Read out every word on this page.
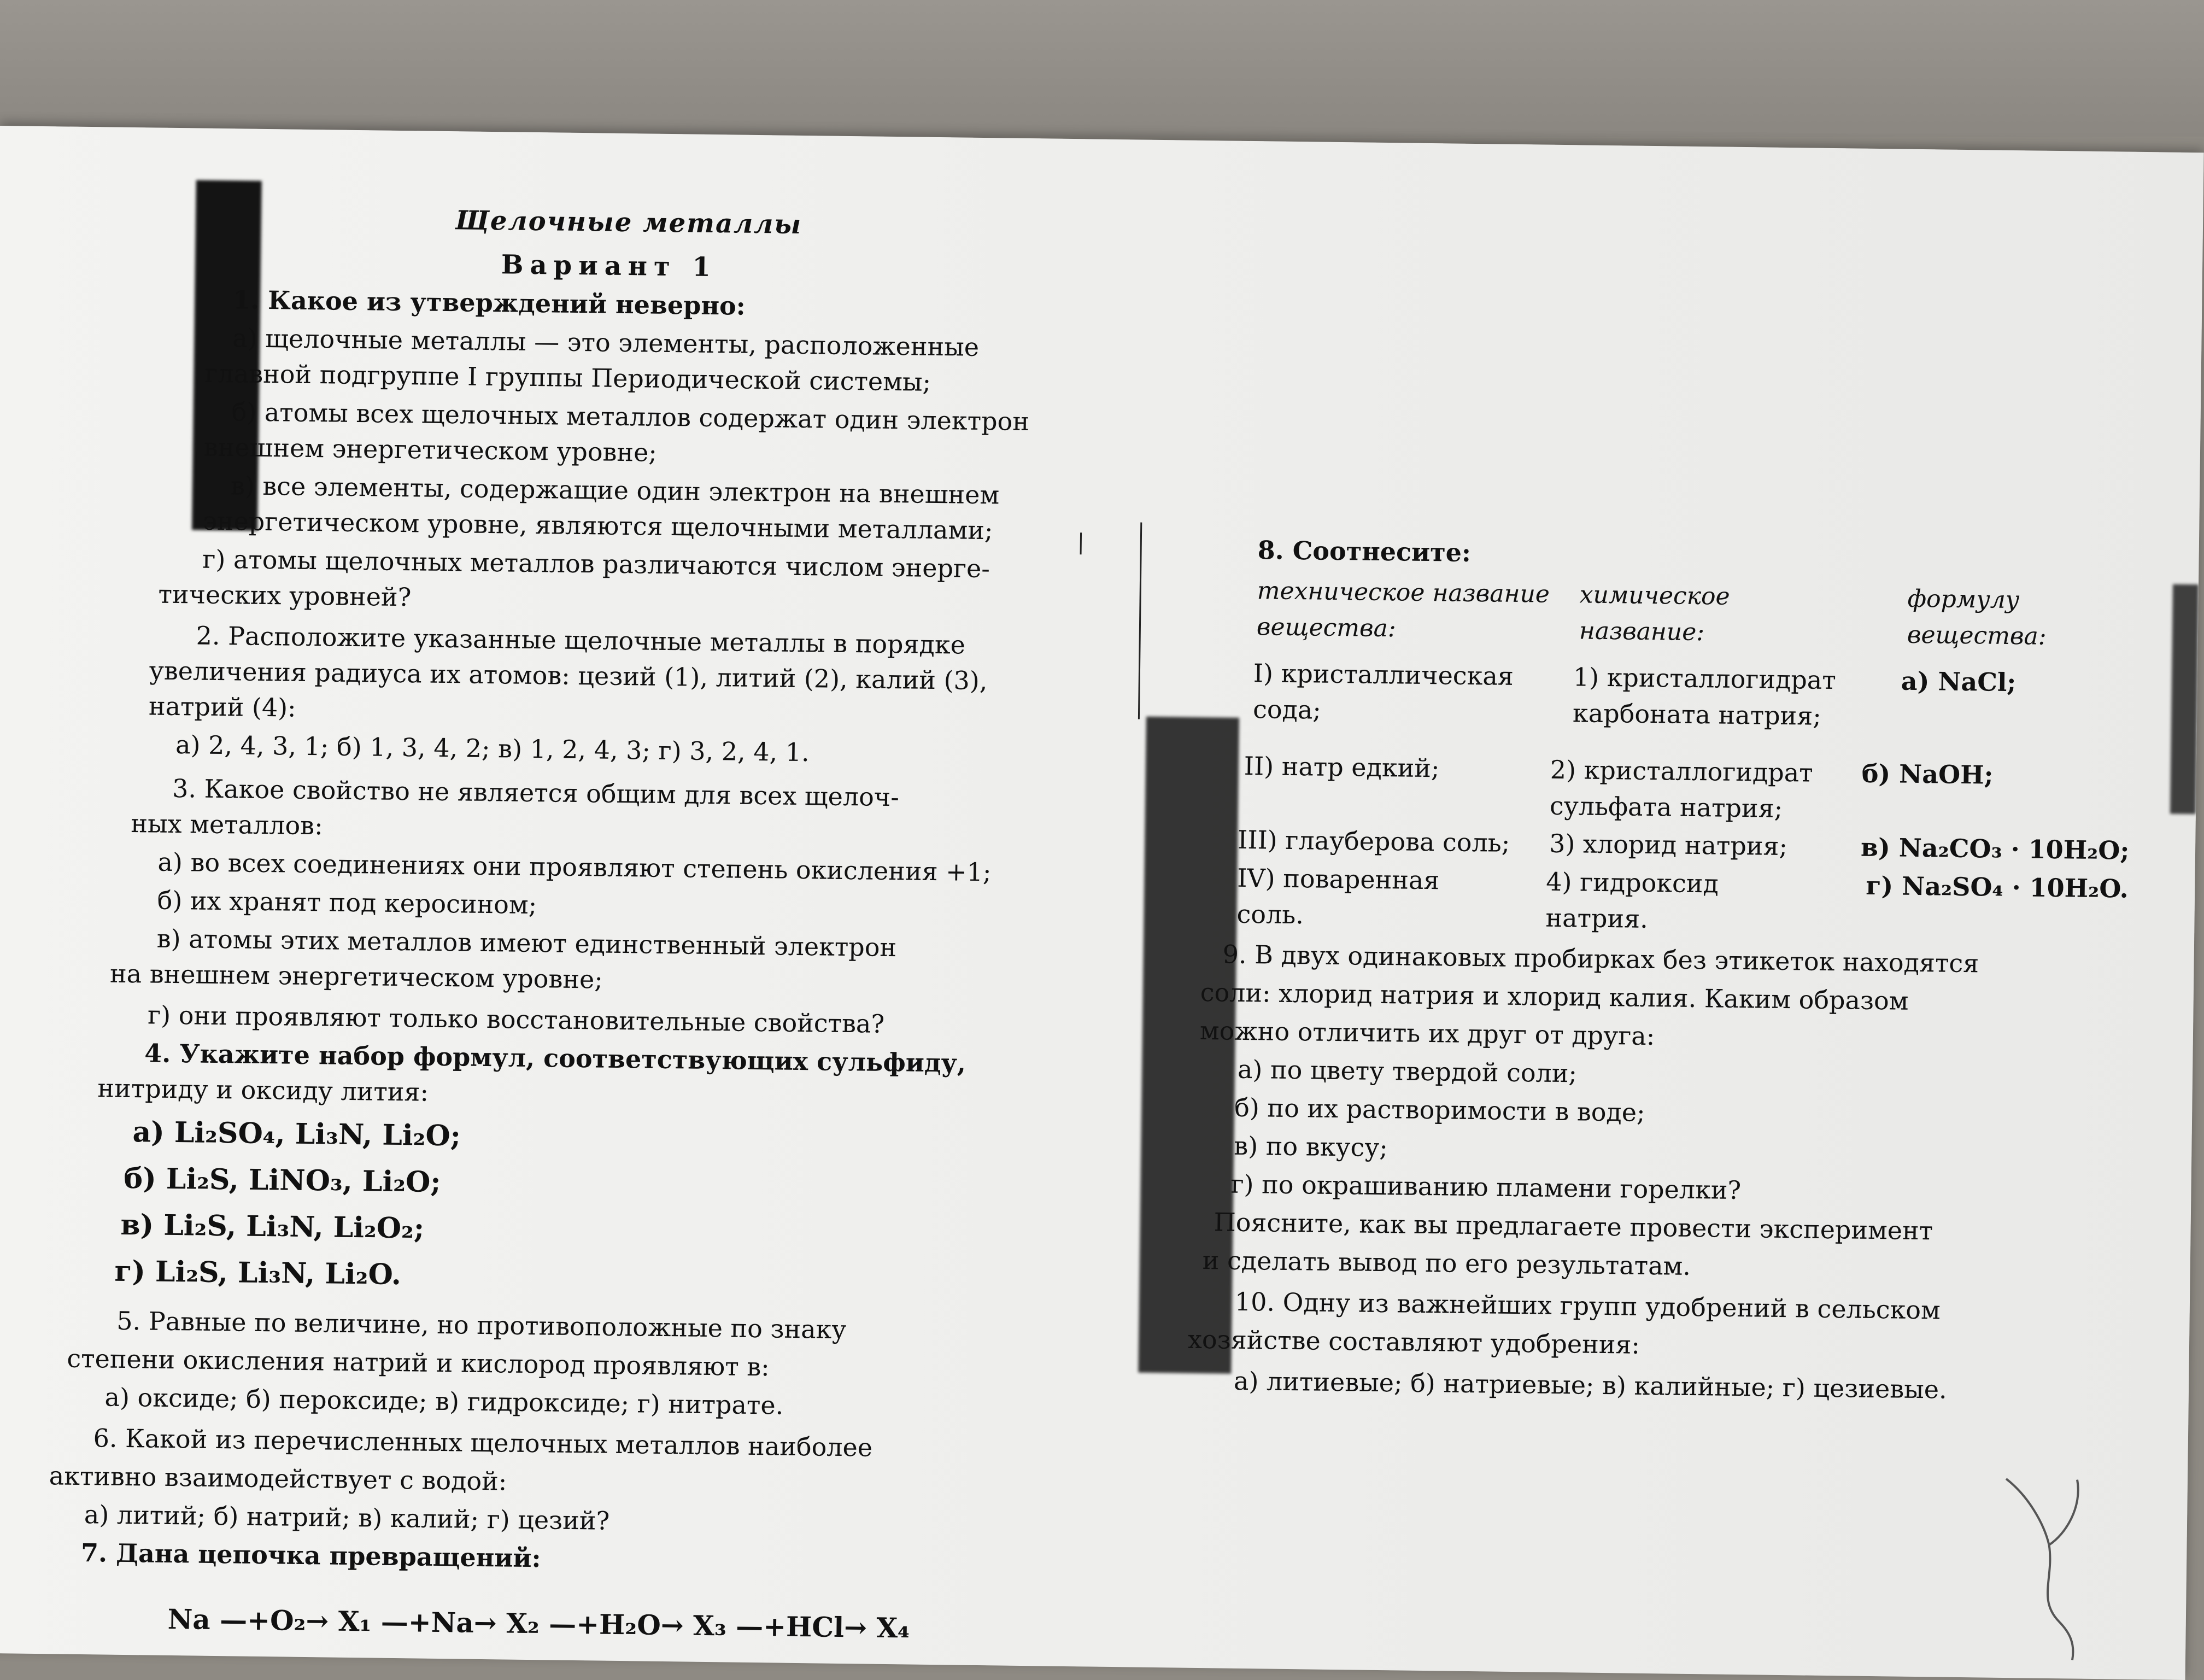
Щелочные металлы
Вариант 1
1. Какое из утверждений неверно:
а) щелочные металлы — это элементы, расположенные
главной подгруппе I группы Периодической системы;
б) атомы всех щелочных металлов содержат один электрон
внешнем энергетическом уровне;
в) все элементы, содержащие один электрон на внешнем
энергетическом уровне, являются щелочными металлами;
г) атомы щелочных металлов различаются числом энерге-
тических уровней?
2. Расположите указанные щелочные металлы в порядке
увеличения радиуса их атомов: цезий (1), литий (2), калий (3),
натрий (4):
а) 2, 4, 3, 1; б) 1, 3, 4, 2; в) 1, 2, 4, 3; г) 3, 2, 4, 1.
3. Какое свойство не является общим для всех щелоч-
ных металлов:
а) во всех соединениях они проявляют степень окисления +1;
б) их хранят под керосином;
в) атомы этих металлов имеют единственный электрон
на внешнем энергетическом уровне;
г) они проявляют только восстановительные свойства?
4. Укажите набор формул, соответствующих сульфиду,
нитриду и оксиду лития:
а) Li₂SO₄, Li₃N, Li₂O;
б) Li₂S, LiNO₃, Li₂O;
в) Li₂S, Li₃N, Li₂O₂;
г) Li₂S, Li₃N, Li₂O.
5. Равные по величине, но противоположные по знаку
степени окисления натрий и кислород проявляют в:
а) оксиде; б) пероксиде; в) гидроксиде; г) нитрате.
6. Какой из перечисленных щелочных металлов наиболее
активно взаимодействует с водой:
а) литий; б) натрий; в) калий; г) цезий?
7. Дана цепочка превращений:
Na —+O₂→ X₁ —+Na→ X₂ —+H₂O→ X₃ —+HCl→ X₄
8. Соотнесите:
техническое название вещества:
химическое название:
формулу вещества:
I) кристаллическая
сода;
1) кристаллогидрат
карбоната натрия;
а) NaCl;
II) натр едкий;	2) кристаллогидрат
сульфата натрия;
б) NaOH;
III) глауберова соль; 3) хлорид натрия;	в) Na₂CO₃ · 10H₂O;
IV) поваренная
соль.
4) гидроксид
натрия.
г) Na₂SO₄ · 10H₂O.
9. В двух одинаковых пробирках без этикеток находятся
соли: хлорид натрия и хлорид калия. Каким образом
можно отличить их друг от друга:
а) по цвету твердой соли;
б) по их растворимости в воде;
в) по вкусу;
г) по окрашиванию пламени горелки?
Поясните, как вы предлагаете провести эксперимент
и сделать вывод по его результатам.
10. Одну из важнейших групп удобрений в сельском
хозяйстве составляют удобрения:
а) литиевые; б) натриевые; в) калийные; г) цезиевые.
